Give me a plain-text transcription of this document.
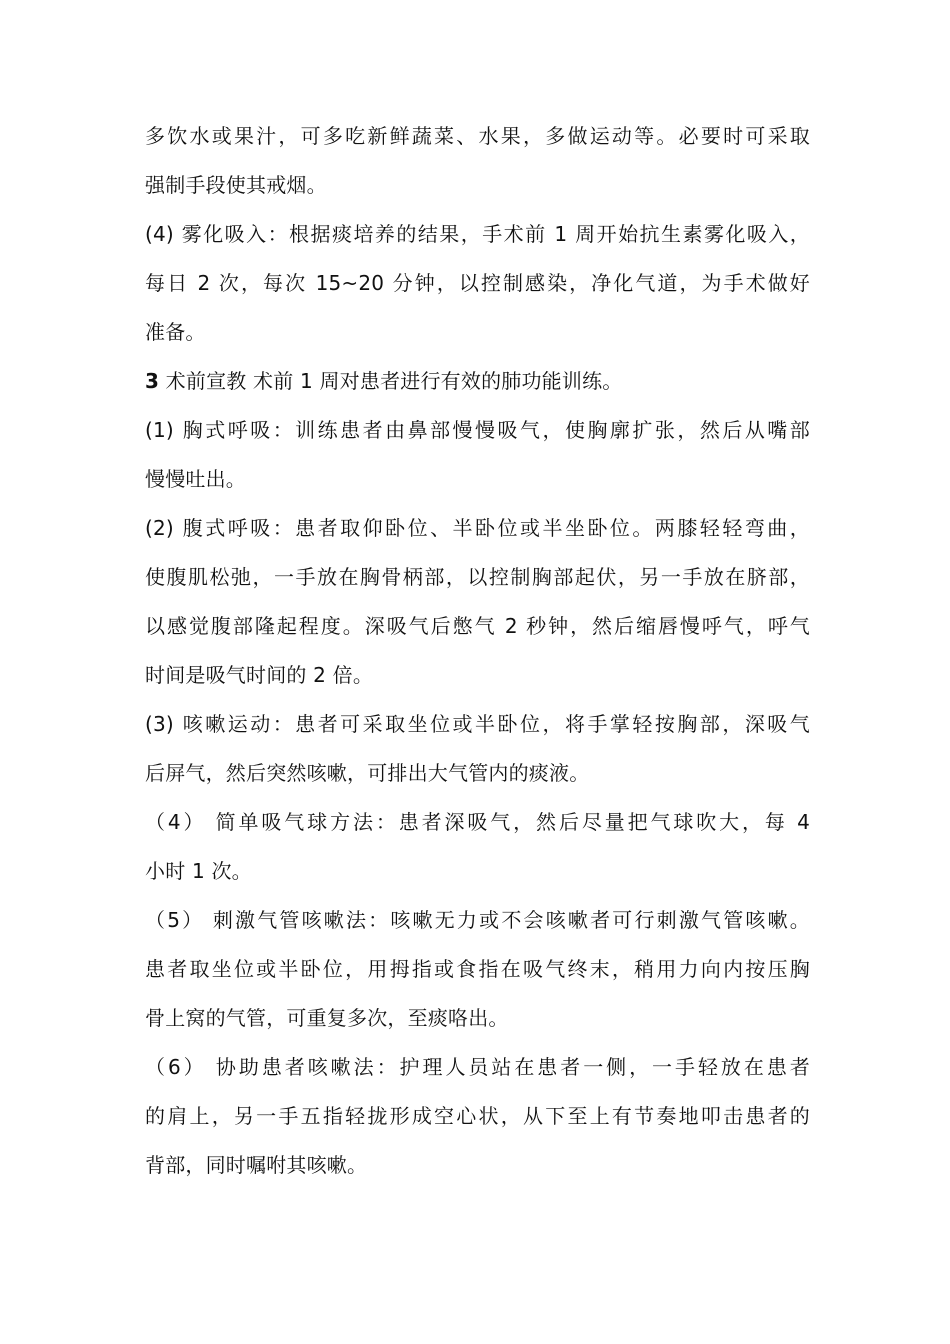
多饮水或果汁，可多吃新鲜蔬菜、水果，多做运动等。必要时可采取
强制手段使其戒烟。
(4) 雾化吸入：根据痰培养的结果，手术前 1 周开始抗生素雾化吸入，
每日 2 次，每次 15~20 分钟，以控制感染，净化气道，为手术做好
准备。
3 术前宣教 术前 1 周对患者进行有效的肺功能训练。
(1) 胸式呼吸：训练患者由鼻部慢慢吸气，使胸廓扩张，然后从嘴部
慢慢吐出。
(2) 腹式呼吸：患者取仰卧位、半卧位或半坐卧位。两膝轻轻弯曲，
使腹肌松弛，一手放在胸骨柄部，以控制胸部起伏，另一手放在脐部，
以感觉腹部隆起程度。深吸气后憋气 2 秒钟，然后缩唇慢呼气，呼气
时间是吸气时间的 2 倍。
(3) 咳嗽运动：患者可采取坐位或半卧位，将手掌轻按胸部，深吸气
后屏气，然后突然咳嗽，可排出大气管内的痰液。
（4） 简单吸气球方法：患者深吸气，然后尽量把气球吹大，每 4
小时 1 次。
（5） 刺激气管咳嗽法：咳嗽无力或不会咳嗽者可行刺激气管咳嗽。
患者取坐位或半卧位，用拇指或食指在吸气终末，稍用力向内按压胸
骨上窝的气管，可重复多次，至痰咯出。
（6） 协助患者咳嗽法：护理人员站在患者一侧，一手轻放在患者
的肩上，另一手五指轻拢形成空心状，从下至上有节奏地叩击患者的
背部，同时嘱咐其咳嗽。
